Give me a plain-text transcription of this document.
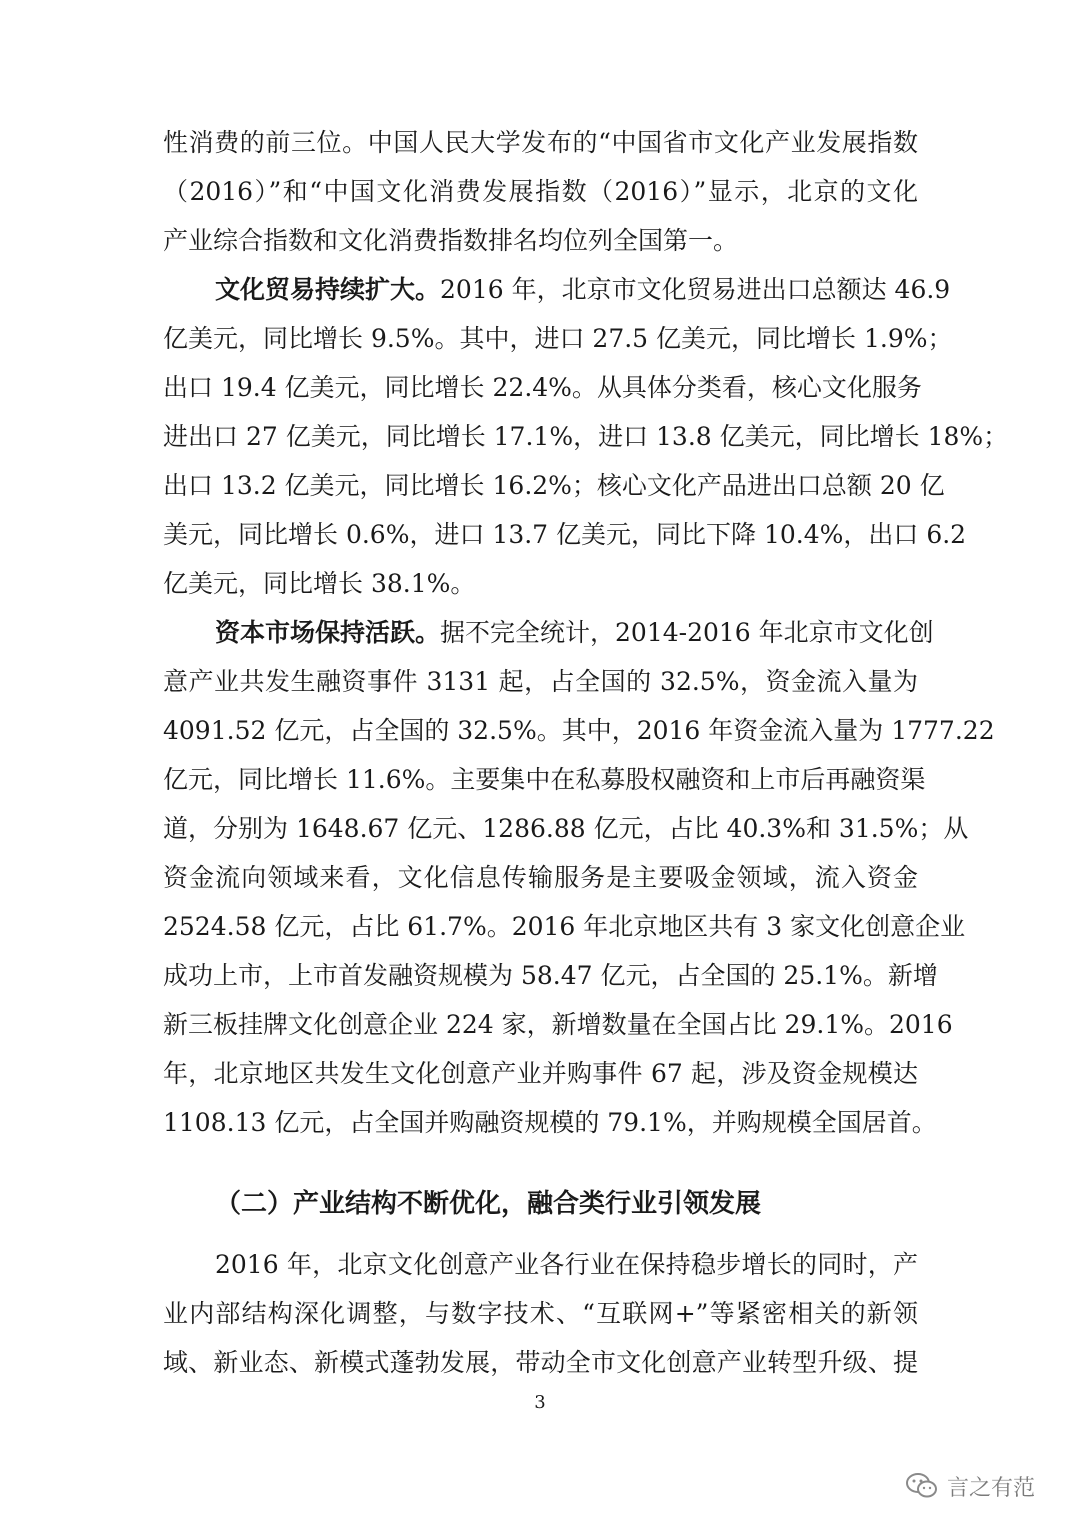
性消费的前三位。中国人民大学发布的“中国省市文化产业发展指数
（2016）”和“中国文化消费发展指数（2016）”显示，北京的文化
产业综合指数和文化消费指数排名均位列全国第一。
文化贸易持续扩大。2016 年，北京市文化贸易进出口总额达 46.9
亿美元，同比增长 9.5%。其中，进口 27.5 亿美元，同比增长 1.9%；
出口 19.4 亿美元，同比增长 22.4%。从具体分类看，核心文化服务
进出口 27 亿美元，同比增长 17.1%，进口 13.8 亿美元，同比增长 18%；
出口 13.2 亿美元，同比增长 16.2%；核心文化产品进出口总额 20 亿
美元，同比增长 0.6%，进口 13.7 亿美元，同比下降 10.4%，出口 6.2
亿美元，同比增长 38.1%。
资本市场保持活跃。据不完全统计，2014-2016 年北京市文化创
意产业共发生融资事件 3131 起，占全国的 32.5%，资金流入量为
4091.52 亿元，占全国的 32.5%。其中，2016 年资金流入量为 1777.22
亿元，同比增长 11.6%。主要集中在私募股权融资和上市后再融资渠
道，分别为 1648.67 亿元、1286.88 亿元，占比 40.3%和 31.5%；从
资金流向领域来看，文化信息传输服务是主要吸金领域，流入资金
2524.58 亿元，占比 61.7%。2016 年北京地区共有 3 家文化创意企业
成功上市，上市首发融资规模为 58.47 亿元，占全国的 25.1%。新增
新三板挂牌文化创意企业 224 家，新增数量在全国占比 29.1%。2016
年，北京地区共发生文化创意产业并购事件 67 起，涉及资金规模达
1108.13 亿元，占全国并购融资规模的 79.1%，并购规模全国居首。
（二）产业结构不断优化，融合类行业引领发展
2016 年，北京文化创意产业各行业在保持稳步增长的同时，产
业内部结构深化调整，与数字技术、“互联网+”等紧密相关的新领
域、新业态、新模式蓬勃发展，带动全市文化创意产业转型升级、提
3
言之有范
